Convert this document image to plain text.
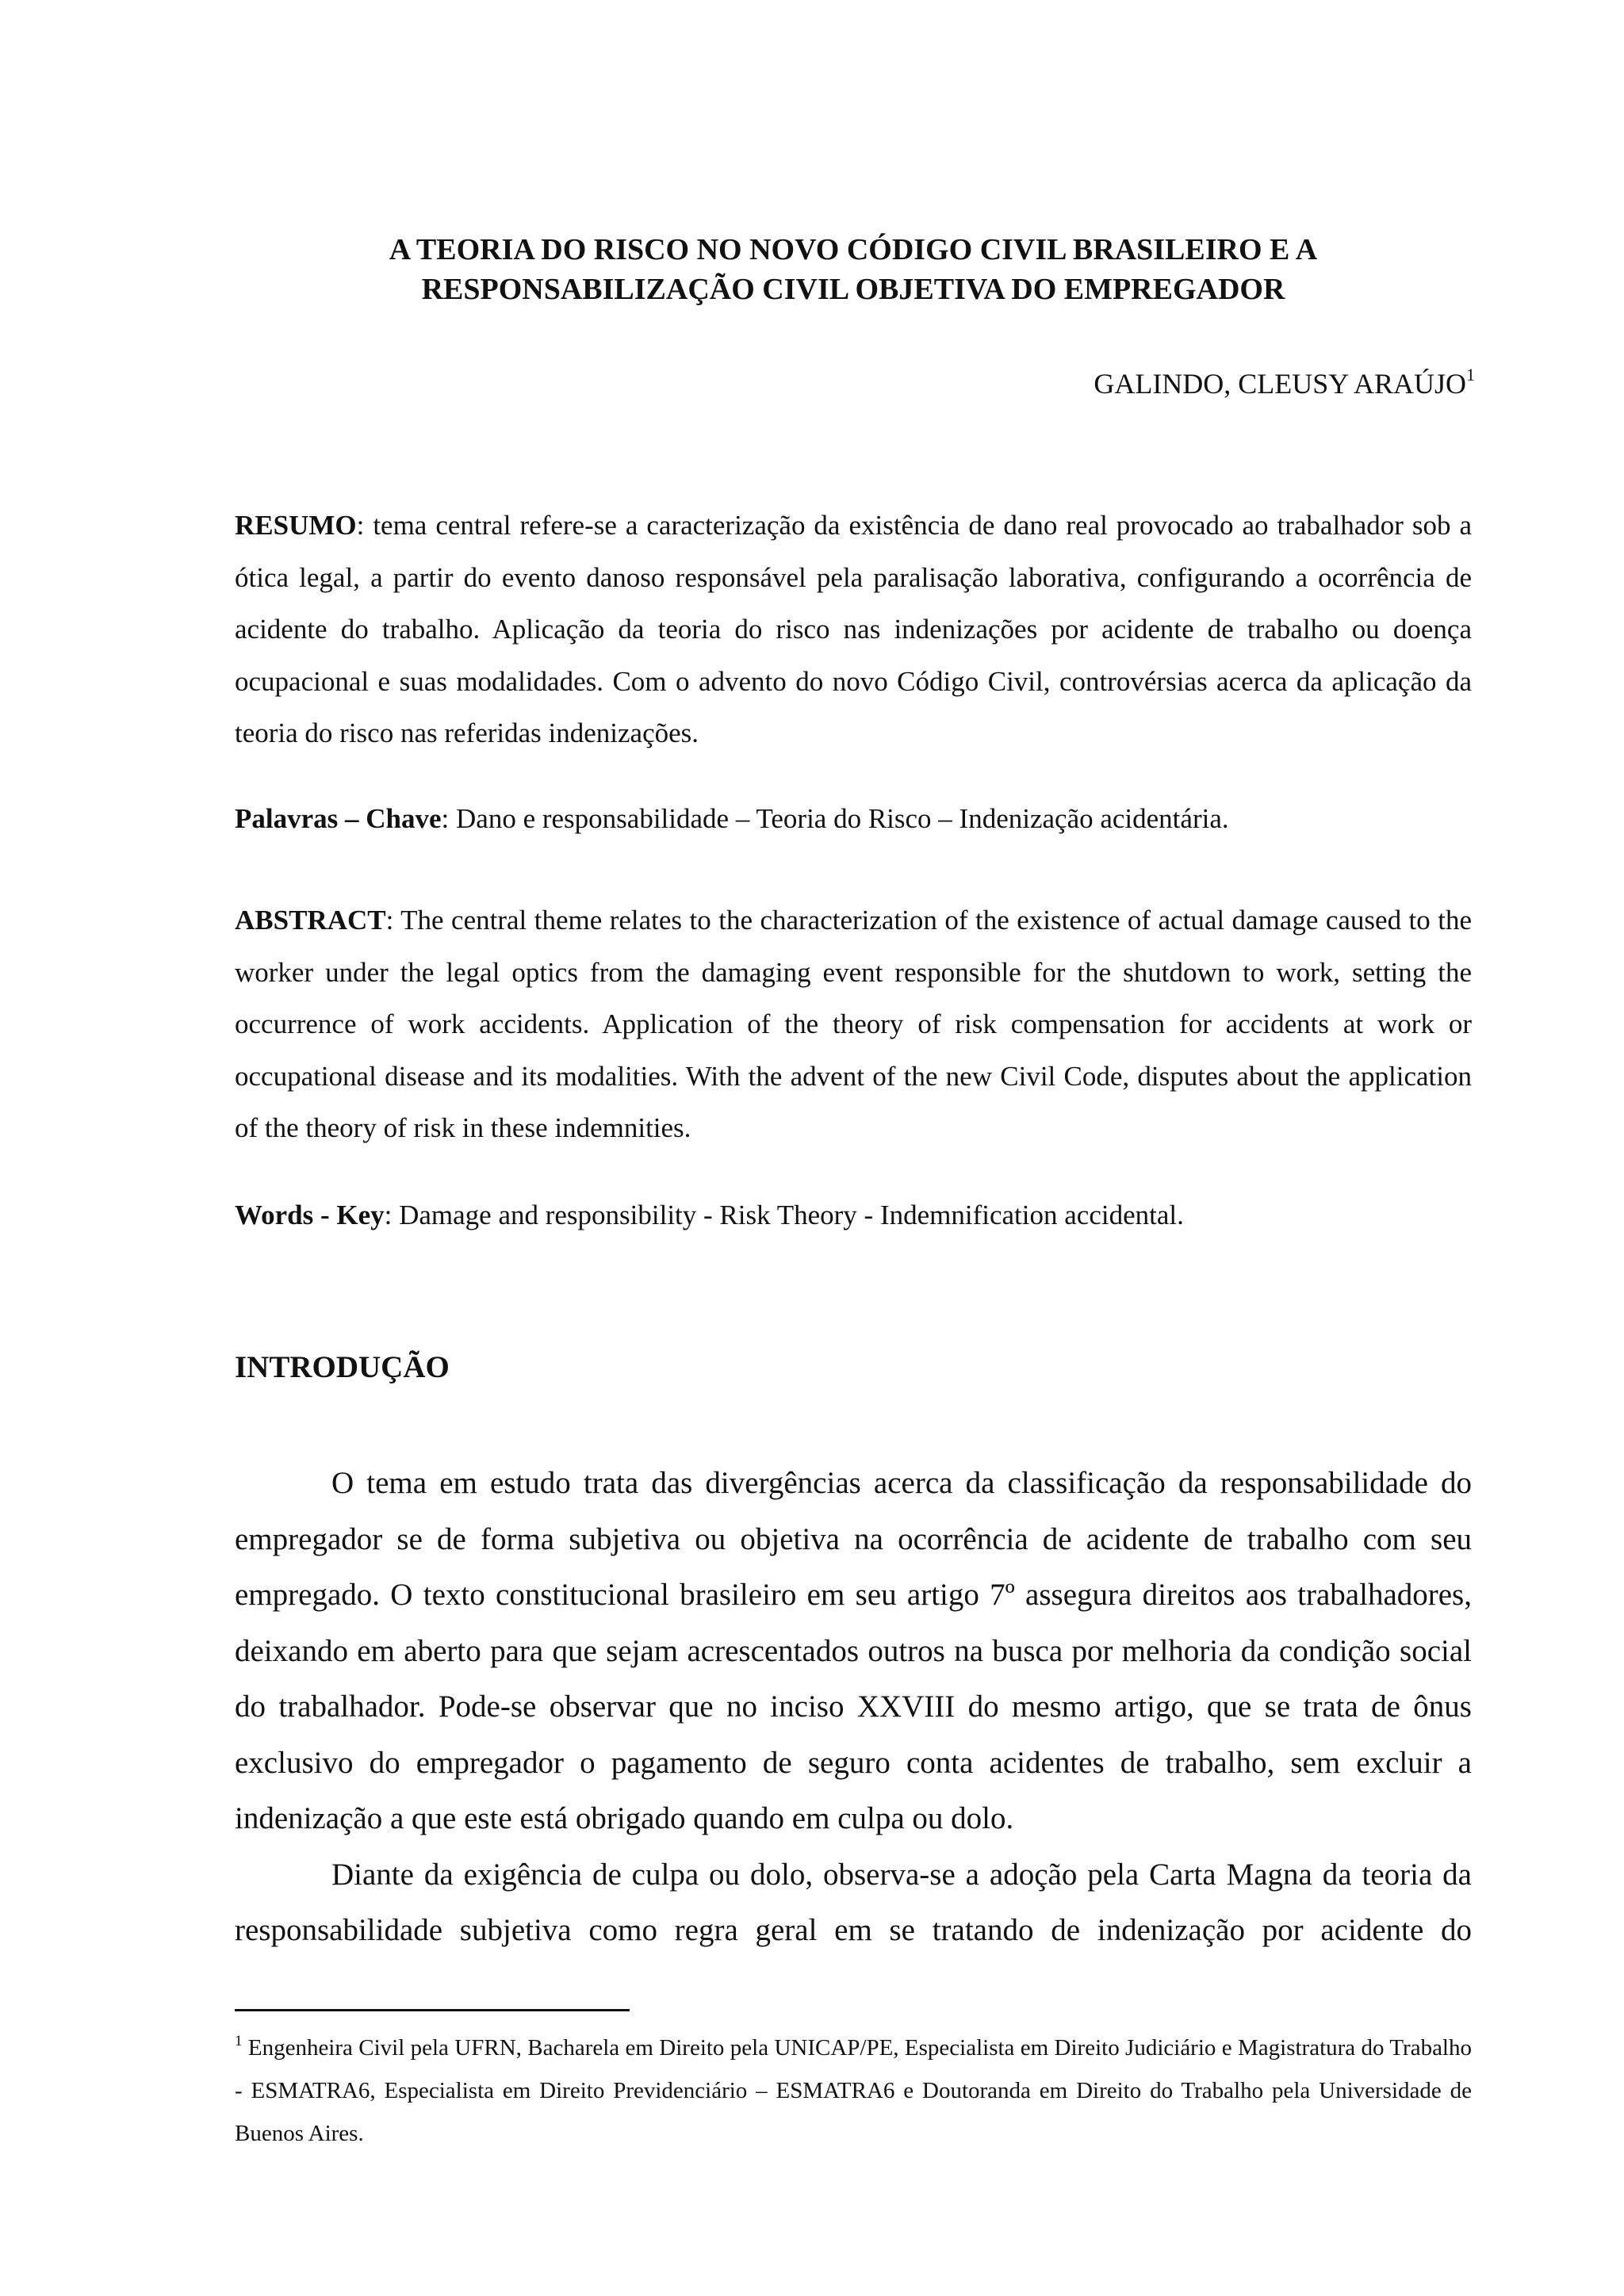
A TEORIA DO RISCO NO NOVO CÓDIGO CIVIL BRASILEIRO E A
RESPONSABILIZAÇÃO CIVIL OBJETIVA DO EMPREGADOR
GALINDO, CLEUSY ARAÚJO$^1$

RESUMO: tema central refere-se a caracterização da existência de dano real provocado ao trabalhador sob a ótica legal, a partir do evento danoso responsável pela paralisação laborativa, configurando a ocorrência de acidente do trabalho. Aplicação da teoria do risco nas indenizações por acidente de trabalho ou doença ocupacional e suas modalidades. Com o advento do novo Código Civil, controvérsias acerca da aplicação da teoria do risco nas referidas indenizações.

Palavras – Chave: Dano e responsabilidade – Teoria do Risco – Indenização acidentária.

ABSTRACT: The central theme relates to the characterization of the existence of actual damage caused to the worker under the legal optics from the damaging event responsible for the shutdown to work, setting the occurrence of work accidents. Application of the theory of risk compensation for accidents at work or occupational disease and its modalities. With the advent of the new Civil Code, disputes about the application of the theory of risk in these indemnities.

Words - Key: Damage and responsibility - Risk Theory - Indemnification accidental.

INTRODUÇÃO

O tema em estudo trata das divergências acerca da classificação da responsabilidade do empregador se de forma subjetiva ou objetiva na ocorrência de acidente de trabalho com seu empregado. O texto constitucional brasileiro em seu artigo 7º assegura direitos aos trabalhadores, deixando em aberto para que sejam acrescentados outros na busca por melhoria da condição social do trabalhador. Pode-se observar que no inciso XXVIII do mesmo artigo, que se trata de ônus exclusivo do empregador o pagamento de seguro conta acidentes de trabalho, sem excluir a indenização a que este está obrigado quando em culpa ou dolo.

Diante da exigência de culpa ou dolo, observa-se a adoção pela Carta Magna da teoria da responsabilidade subjetiva como regra geral em se tratando de indenização por acidente do

$^1$ Engenheira Civil pela UFRN, Bacharela em Direito pela UNICAP/PE, Especialista em Direito Judiciário e Magistratura do Trabalho - ESMATRA6, Especialista em Direito Previdenciário – ESMATRA6 e Doutoranda em Direito do Trabalho pela Universidade de Buenos Aires.
